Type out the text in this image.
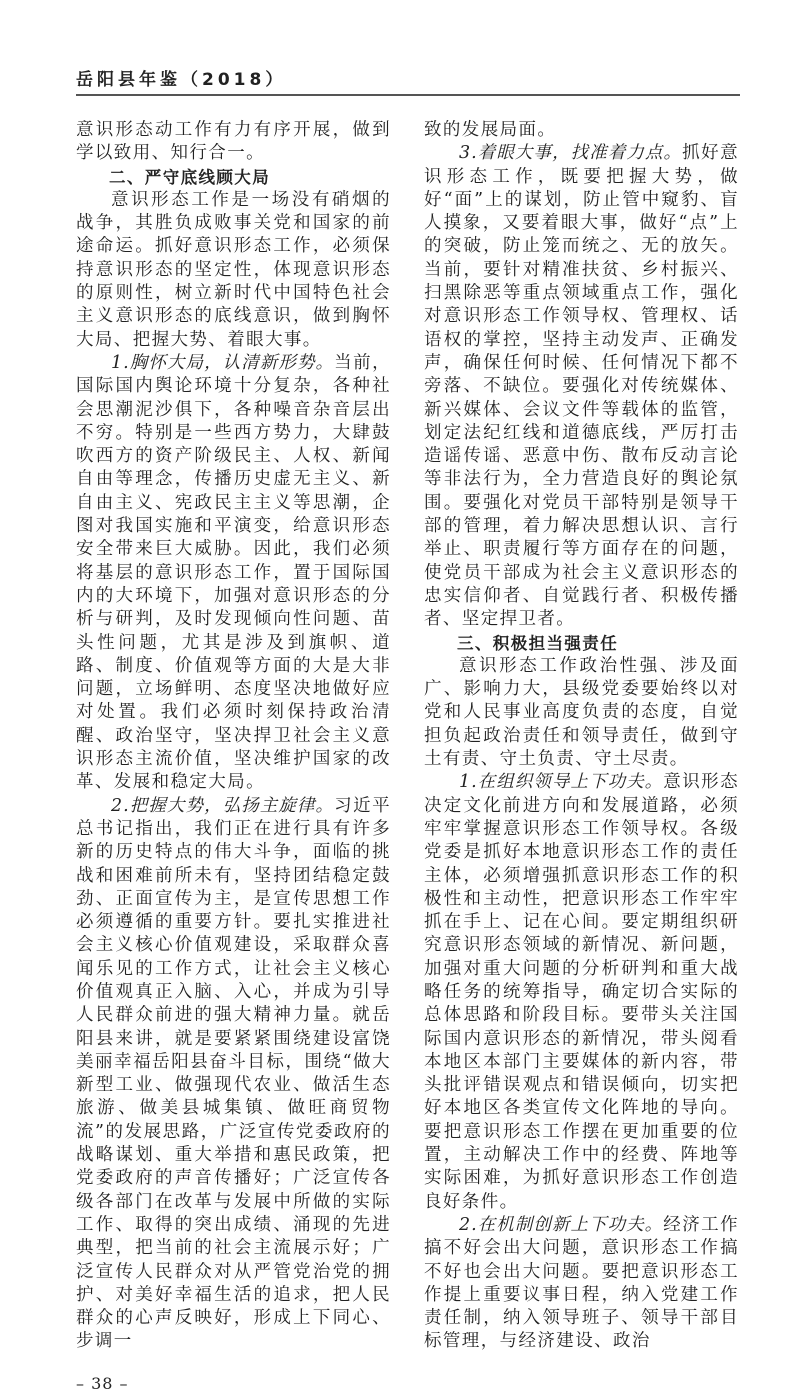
岳阳县年鉴（2018）

意识形态动工作有力有序开展，做到学以致用、知行合一。

二、严守底线顾大局

意识形态工作是一场没有硝烟的战争，其胜负成败事关党和国家的前途命运。抓好意识形态工作，必须保持意识形态的坚定性，体现意识形态的原则性，树立新时代中国特色社会主义意识形态的底线意识，做到胸怀大局、把握大势、着眼大事。

1.胸怀大局，认清新形势。当前，国际国内舆论环境十分复杂，各种社会思潮泥沙俱下，各种噪音杂音层出不穷。特别是一些西方势力，大肆鼓吹西方的资产阶级民主、人权、新闻自由等理念，传播历史虚无主义、新自由主义、宪政民主主义等思潮，企图对我国实施和平演变，给意识形态安全带来巨大威胁。因此，我们必须将基层的意识形态工作，置于国际国内的大环境下，加强对意识形态的分析与研判，及时发现倾向性问题、苗头性问题，尤其是涉及到旗帜、道路、制度、价值观等方面的大是大非问题，立场鲜明、态度坚决地做好应对处置。我们必须时刻保持政治清醒、政治坚守，坚决捍卫社会主义意识形态主流价值，坚决维护国家的改革、发展和稳定大局。

2.把握大势，弘扬主旋律。习近平总书记指出，我们正在进行具有许多新的历史特点的伟大斗争，面临的挑战和困难前所未有，坚持团结稳定鼓劲、正面宣传为主，是宣传思想工作必须遵循的重要方针。要扎实推进社会主义核心价值观建设，采取群众喜闻乐见的工作方式，让社会主义核心价值观真正入脑、入心，并成为引导人民群众前进的强大精神力量。就岳阳县来讲，就是要紧紧围绕建设富饶美丽幸福岳阳县奋斗目标，围绕“做大新型工业、做强现代农业、做活生态旅游、做美县城集镇、做旺商贸物流”的发展思路，广泛宣传党委政府的战略谋划、重大举措和惠民政策，把党委政府的声音传播好；广泛宣传各级各部门在改革与发展中所做的实际工作、取得的突出成绩、涌现的先进典型，把当前的社会主流展示好；广泛宣传人民群众对从严管党治党的拥护、对美好幸福生活的追求，把人民群众的心声反映好，形成上下同心、步调一

– 38 –

致的发展局面。

3.着眼大事，找准着力点。抓好意识形态工作，既要把握大势，做好“面”上的谋划，防止管中窥豹、盲人摸象，又要着眼大事，做好“点”上的突破，防止笼而统之、无的放矢。当前，要针对精准扶贫、乡村振兴、扫黑除恶等重点领域重点工作，强化对意识形态工作领导权、管理权、话语权的掌控，坚持主动发声、正确发声，确保任何时候、任何情况下都不旁落、不缺位。要强化对传统媒体、新兴媒体、会议文件等载体的监管，划定法纪红线和道德底线，严厉打击造谣传谣、恶意中伤、散布反动言论等非法行为，全力营造良好的舆论氛围。要强化对党员干部特别是领导干部的管理，着力解决思想认识、言行举止、职责履行等方面存在的问题，使党员干部成为社会主义意识形态的忠实信仰者、自觉践行者、积极传播者、坚定捍卫者。

三、积极担当强责任

意识形态工作政治性强、涉及面广、影响力大，县级党委要始终以对党和人民事业高度负责的态度，自觉担负起政治责任和领导责任，做到守土有责、守土负责、守土尽责。

1.在组织领导上下功夫。意识形态决定文化前进方向和发展道路，必须牢牢掌握意识形态工作领导权。各级党委是抓好本地意识形态工作的责任主体，必须增强抓意识形态工作的积极性和主动性，把意识形态工作牢牢抓在手上、记在心间。要定期组织研究意识形态领域的新情况、新问题，加强对重大问题的分析研判和重大战略任务的统筹指导，确定切合实际的总体思路和阶段目标。要带头关注国际国内意识形态的新情况，带头阅看本地区本部门主要媒体的新内容，带头批评错误观点和错误倾向，切实把好本地区各类宣传文化阵地的导向。要把意识形态工作摆在更加重要的位置，主动解决工作中的经费、阵地等实际困难，为抓好意识形态工作创造良好条件。

2.在机制创新上下功夫。经济工作搞不好会出大问题，意识形态工作搞不好也会出大问题。要把意识形态工作提上重要议事日程，纳入党建工作责任制，纳入领导班子、领导干部目标管理，与经济建设、政治
